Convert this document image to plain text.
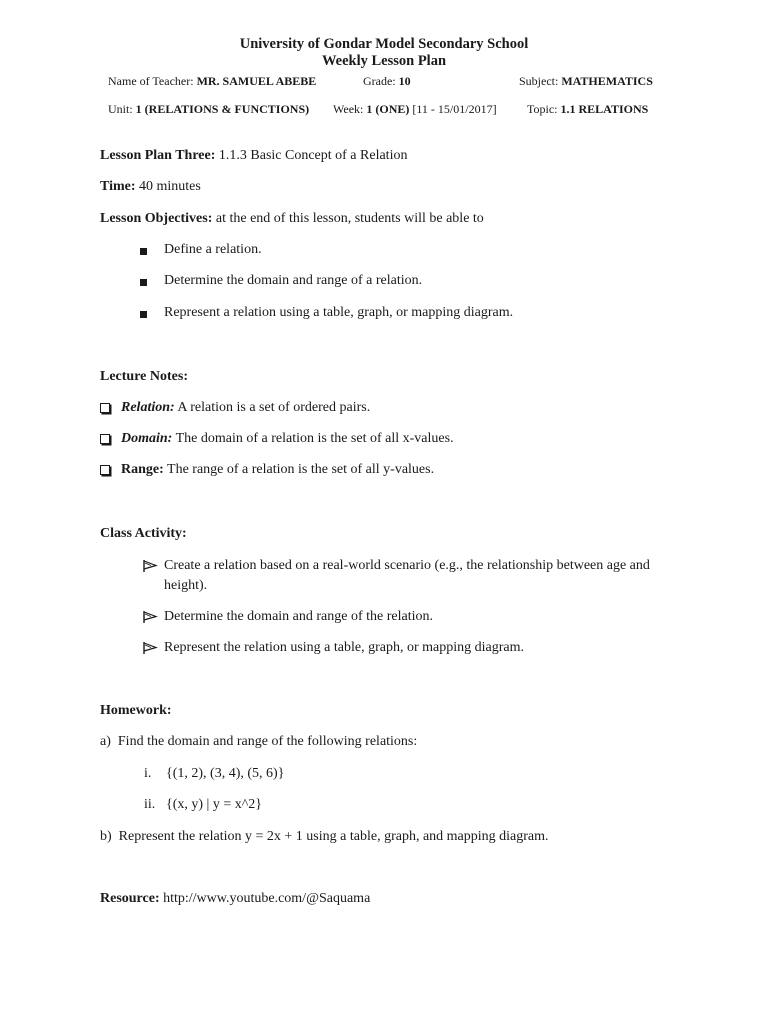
University of Gondar Model Secondary School
Weekly Lesson Plan
Name of Teacher: MR. SAMUEL ABEBE	Grade: 10	Subject: MATHEMATICS
Unit: 1 (RELATIONS & FUNCTIONS) Week: 1 (ONE) [11 - 15/01/2017]	Topic: 1.1 RELATIONS
Lesson Plan Three: 1.1.3 Basic Concept of a Relation
Time: 40 minutes
Lesson Objectives: at the end of this lesson, students will be able to
Define a relation.
Determine the domain and range of a relation.
Represent a relation using a table, graph, or mapping diagram.
Lecture Notes:
Relation: A relation is a set of ordered pairs.
Domain: The domain of a relation is the set of all x-values.
Range: The range of a relation is the set of all y-values.
Class Activity:
Create a relation based on a real-world scenario (e.g., the relationship between age and height).
Determine the domain and range of the relation.
Represent the relation using a table, graph, or mapping diagram.
Homework:
a) Find the domain and range of the following relations:
i. {(1, 2), (3, 4), (5, 6)}
ii. {(x, y) | y = x^2}
b) Represent the relation y = 2x + 1 using a table, graph, and mapping diagram.
Resource: http://www.youtube.com/@Saquama
